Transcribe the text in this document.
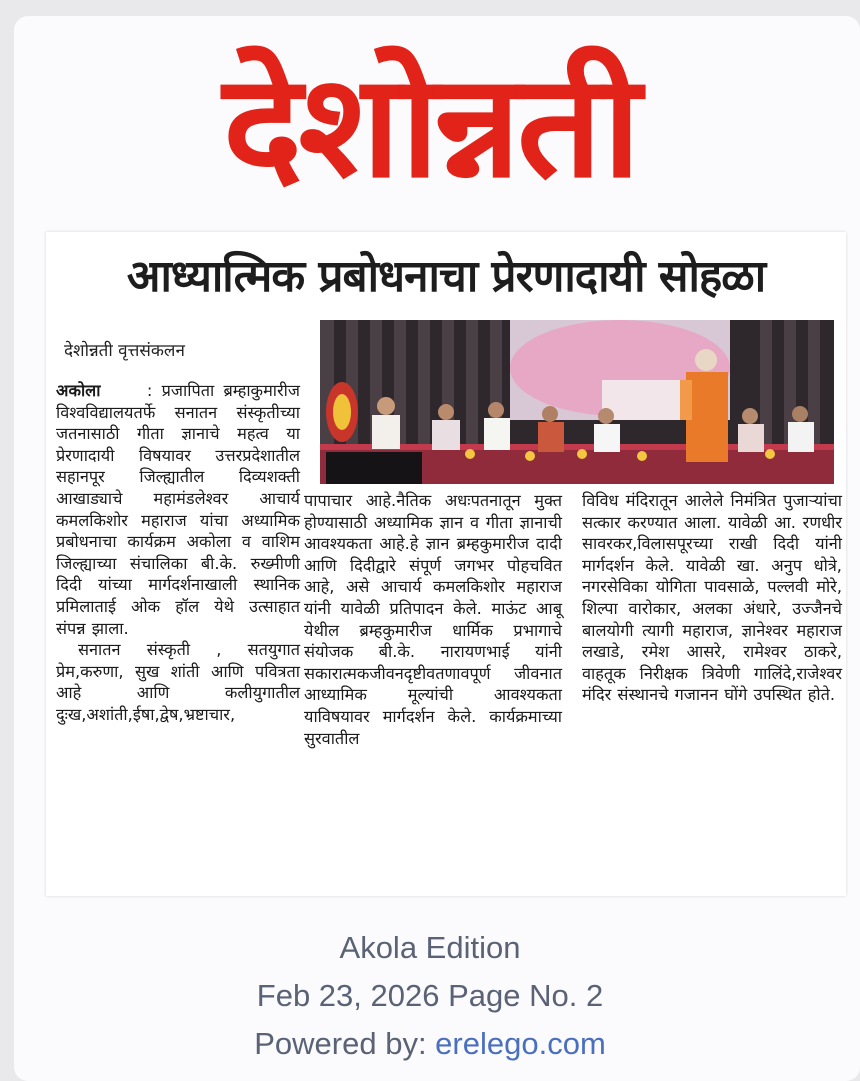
देशोन्नती
आध्यात्मिक प्रबोधनाचा प्रेरणादायी सोहळा
देशोन्नती वृत्तसंकलन

अकोला	: प्रजापिता ब्रम्हाकुमारीज विश्वविद्यालयतर्फे सनातन संस्कृतीच्या जतनासाठी गीता ज्ञानाचे महत्व या प्रेरणादायी विषयावर उत्तरप्रदेशातील सहानपूर जिल्ह्यातील दिव्यशक्ती आखाड्याचे महामंडलेश्वर आचार्य कमलकिशोर महाराज यांचा अध्यामिक प्रबोधनाचा कार्यक्रम अकोला व वाशिम जिल्ह्याच्या संचालिका बी.के. रुख्मीणी दिदी यांच्या मार्गदर्शनाखाली स्थानिक प्रमिलाताई ओक हॉल येथे उत्साहात संपन्न झाला.

सनातन संस्कृती , सतयुगात प्रेम,करुणा, सुख शांती आणि पवित्रता आहे आणि कलीयुगातील दुःख,अशांती,ईषा,द्वेष,भ्रष्टाचार,

पापाचार आहे.नैतिक अधःपतनातून मुक्त होण्यासाठी अध्यामिक ज्ञान व गीता ज्ञानाची आवश्यकता आहे.हे ज्ञान ब्रम्हकुमारीज दादी आणि दिदीद्वारे संपूर्ण जगभर पोहचवित आहे, असे आचार्य कमलकिशोर महाराज यांनी यावेळी प्रतिपादन केले. माऊंट आबू येथील ब्रम्हकुमारीज धार्मिक प्रभागाचे संयोजक बी.के. नारायणभाई यांनी सकारात्मकजीवनदृष्टीवतणावपूर्ण जीवनात आध्यामिक मूल्यांची आवश्यकता याविषयावर मार्गदर्शन केले. कार्यक्रमाच्या सुरवातील
विविध मंदिरातून आलेले निमंत्रित पुजाऱ्यांचा सत्कार करण्यात आला. यावेळी आ. रणधीर सावरकर,विलासपूरच्या राखी दिदी यांनी मार्गदर्शन केले. यावेळी खा. अनुप धोत्रे, नगरसेविका योगिता पावसाळे, पल्लवी मोरे, शिल्पा वारोकार, अलका अंधारे, उज्जैनचे बालयोगी त्यागी महाराज, ज्ञानेश्वर महाराज लखाडे, रमेश आसरे, रामेश्वर ठाकरे, वाहतूक निरीक्षक त्रिवेणी गालिंदे,राजेश्वर मंदिर संस्थानचे गजानन घोंगे उपस्थित होते.
Akola Edition
Feb 23, 2026 Page No. 2
Powered by: erelego.com
